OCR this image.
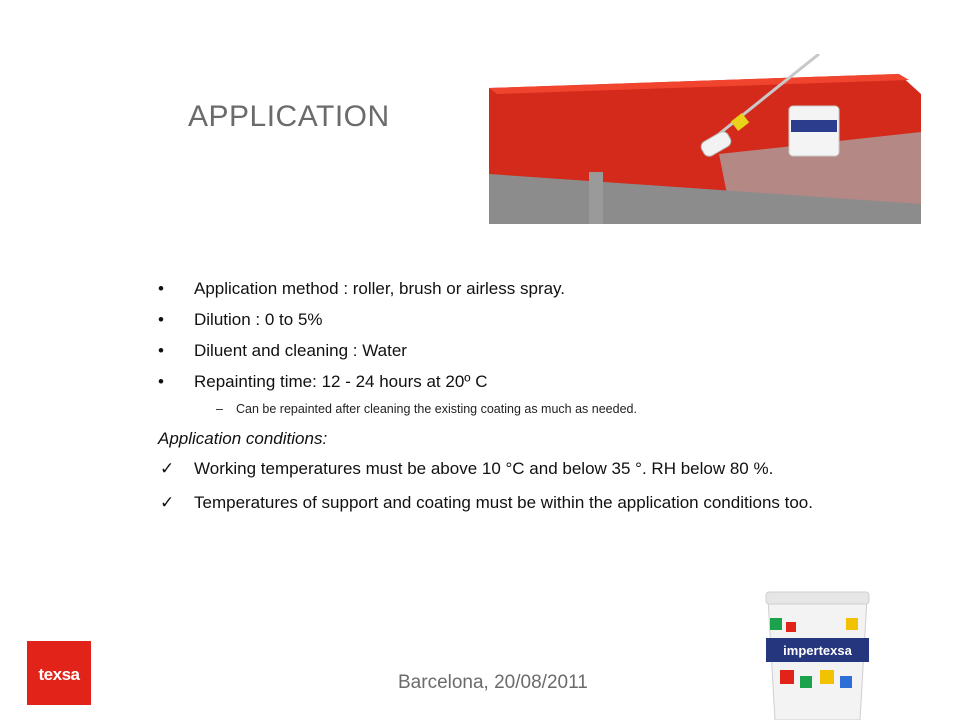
APPLICATION
•	Application method : roller, brush or airless spray.
•	Dilution : 0 to 5%
•	Diluent and cleaning : Water
•	Repainting time: 12 - 24 hours at 20º C
– Can be repainted after cleaning the existing coating as much as needed.
Application conditions:
✓ Working temperatures must be above 10 °C and below 35 °. RH below 80 %.
✓ Temperatures of support and coating must be within the application conditions too.
texsa	Barcelona, 20/08/2011
impertexsa
